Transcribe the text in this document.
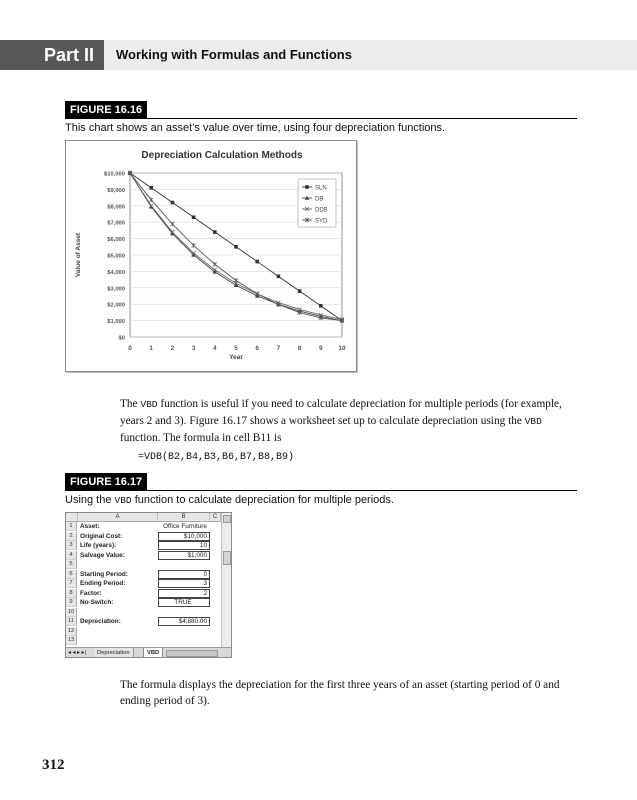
Part II	Working with Formulas and Functions
FIGURE 16.16
This chart shows an asset’s value over time, using four depreciation functions.
Depreciation Calculation Methods
$0
$1,000
$2,000
$3,000
$4,000
$5,000
$6,000
$7,000
$8,000
$9,000
$10,000
0	1	2	3	4	5	6	7	8	9 10
Year
Value of Asset
SLN
DB
DDB
SYD
The VBD function is useful if you need to calculate depreciation for multiple periods (for example, years 2 and 3). Figure 16.17 shows a worksheet set up to calculate depreciation using the VBD function. The formula in cell B11 is
=VDB(B2,B4,B3,B6,B7,B8,B9)
FIGURE 16.17
Using the VBD function to calculate depreciation for multiple periods.
A	B	C
1	Asset:	Office Furniture
2	Original Cost:	$10,000
3	Life (years):	10
4	Salvage Value:	$1,000
5
6	Starting Period:	0
7	Ending Period:	3
8	Factor:	2
9	No-Switch:	TRUE
10
11 Depreciation:	$4,880.00
12
13
◂ ◂ ▸ ▸|	Depreciation	VBD
The formula displays the depreciation for the first three years of an asset (starting period of 0 and ending period of 3).
312
